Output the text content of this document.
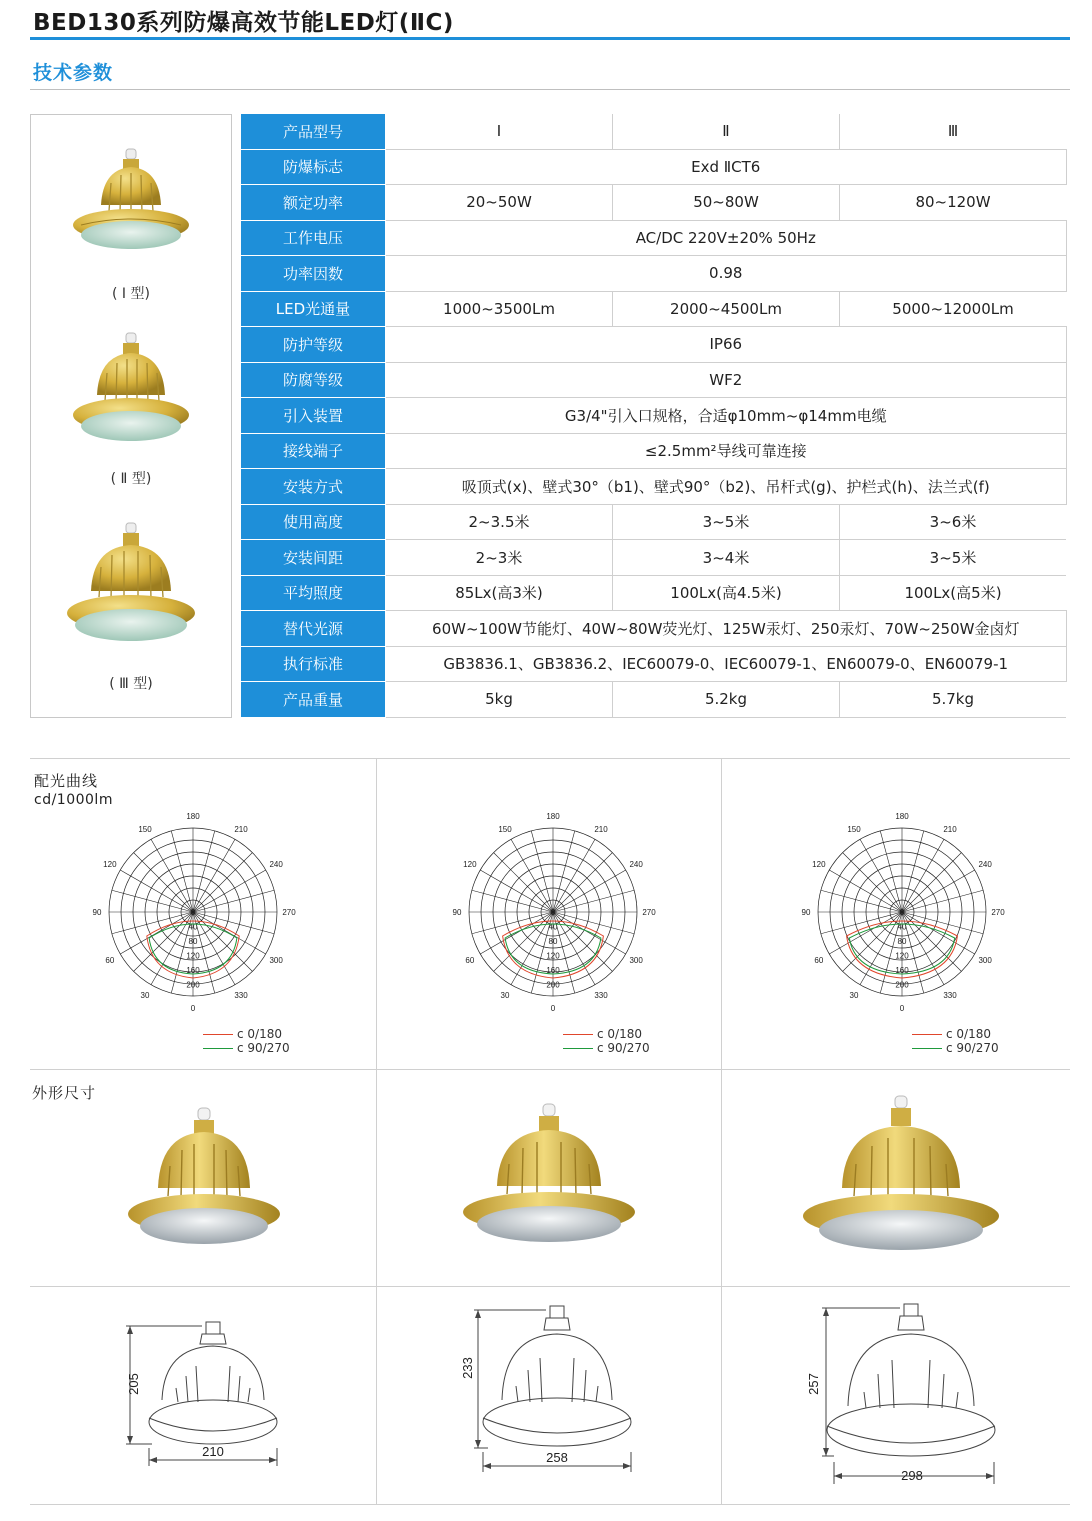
BED130系列防爆高效节能LED灯(ⅡC)
技术参数
( Ⅰ 型)
( Ⅱ 型)
( Ⅲ 型)
产品型号	Ⅰ	Ⅱ	Ⅲ
防爆标志	Exd ⅡCT6		
额定功率	20~50W	50~80W	80~120W
工作电压	AC/DC 220V±20% 50Hz		
功率因数	0.98		
LED光通量	1000~3500Lm	2000~4500Lm	5000~12000Lm
防护等级	IP66		
防腐等级	WF2		
引入装置	G3/4"引入口规格，合适φ10mm~φ14mm电缆		
接线端子	≤2.5mm²导线可靠连接		
安装方式	吸顶式(x)、壁式30°（b1)、壁式90°（b2)、吊杆式(g)、护栏式(h)、法兰式(f)		
使用高度	2~3.5米	3~5米	3~6米
安装间距	2~3米	3~4米	3~5米
平均照度	85Lx(高3米)	100Lx(高4.5米)	100Lx(高5米)
替代光源	60W~100W节能灯、40W~80W荧光灯、125W汞灯、250汞灯、70W~250W金卤灯		
执行标准	GB3836.1、GB3836.2、IEC60079-0、IEC60079-1、EN60079-0、EN60079-1		
产品重量	5kg	5.2kg	5.7kg
配光曲线
cd/1000lm
180
150
120
90
60
30
0
330
300
270
240
210
0
40
80
120
160
200
180
150
120
90
60
30
0
330
300
270
240
210
0
40
80
120
160
200
180
150
120
90
60
30
0
330
300
270
240
210
0
40
80
120
160
200
c 0/180
c 90/270
c 0/180
c 90/270
c 0/180
c 90/270
外形尺寸
205
210
233
258
257
298
